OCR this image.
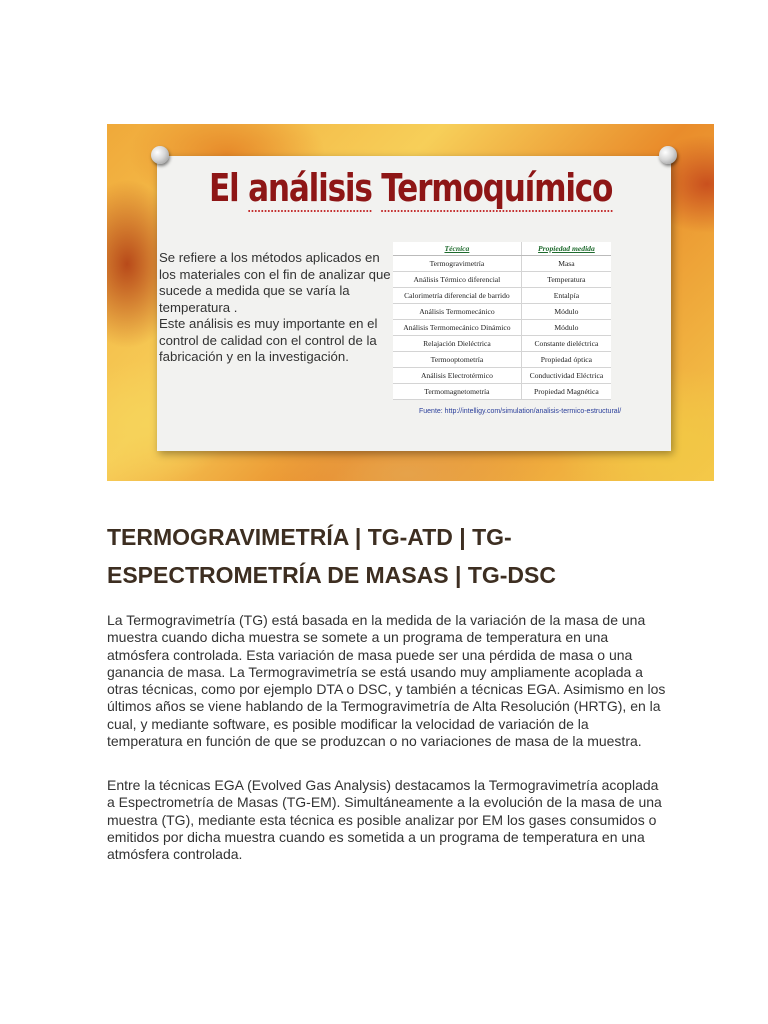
El análisis Termoquímico
Se refiere a los métodos aplicados en los materiales con el fin de analizar que sucede a medida que se varía la temperatura .
Este análisis es muy importante en el control de calidad con el control de la fabricación y en la investigación.
Técnica	Propiedad medida
Termogravimetría	Masa
Análisis Térmico diferencial	Temperatura
Calorimetría diferencial de barrido	Entalpía
Análisis Termomecánico	Módulo
Análisis Termomecánico Dinámico	Módulo
Relajación Dieléctrica	Constante dieléctrica
Termooptometría	Propiedad óptica
Análisis Electrotérmico	Conductividad Eléctrica
Termomagnetometría	Propiedad Magnética

Fuente: http://intelligy.com/simulation/analisis-termico-estructural/

TERMOGRAVIMETRÍA | TG-ATD | TG-ESPECTROMETRÍA DE MASAS | TG-DSC

La Termogravimetría (TG) está basada en la medida de la variación de la masa de una muestra cuando dicha muestra se somete a un programa de temperatura en una atmósfera controlada. Esta variación de masa puede ser una pérdida de masa o una ganancia de masa. La Termogravimetría se está usando muy ampliamente acoplada a otras técnicas, como por ejemplo DTA o DSC, y también a técnicas EGA. Asimismo en los últimos años se viene hablando de la Termogravimetría de Alta Resolución (HRTG), en la cual, y mediante software, es posible modificar la velocidad de variación de la temperatura en función de que se produzcan o no variaciones de masa de la muestra.

Entre la técnicas EGA (Evolved Gas Analysis) destacamos la Termogravimetría acoplada a Espectrometría de Masas (TG-EM). Simultáneamente a la evolución de la masa de una muestra (TG), mediante esta técnica es posible analizar por EM los gases consumidos o emitidos por dicha muestra cuando es sometida a un programa de temperatura en una atmósfera controlada.
